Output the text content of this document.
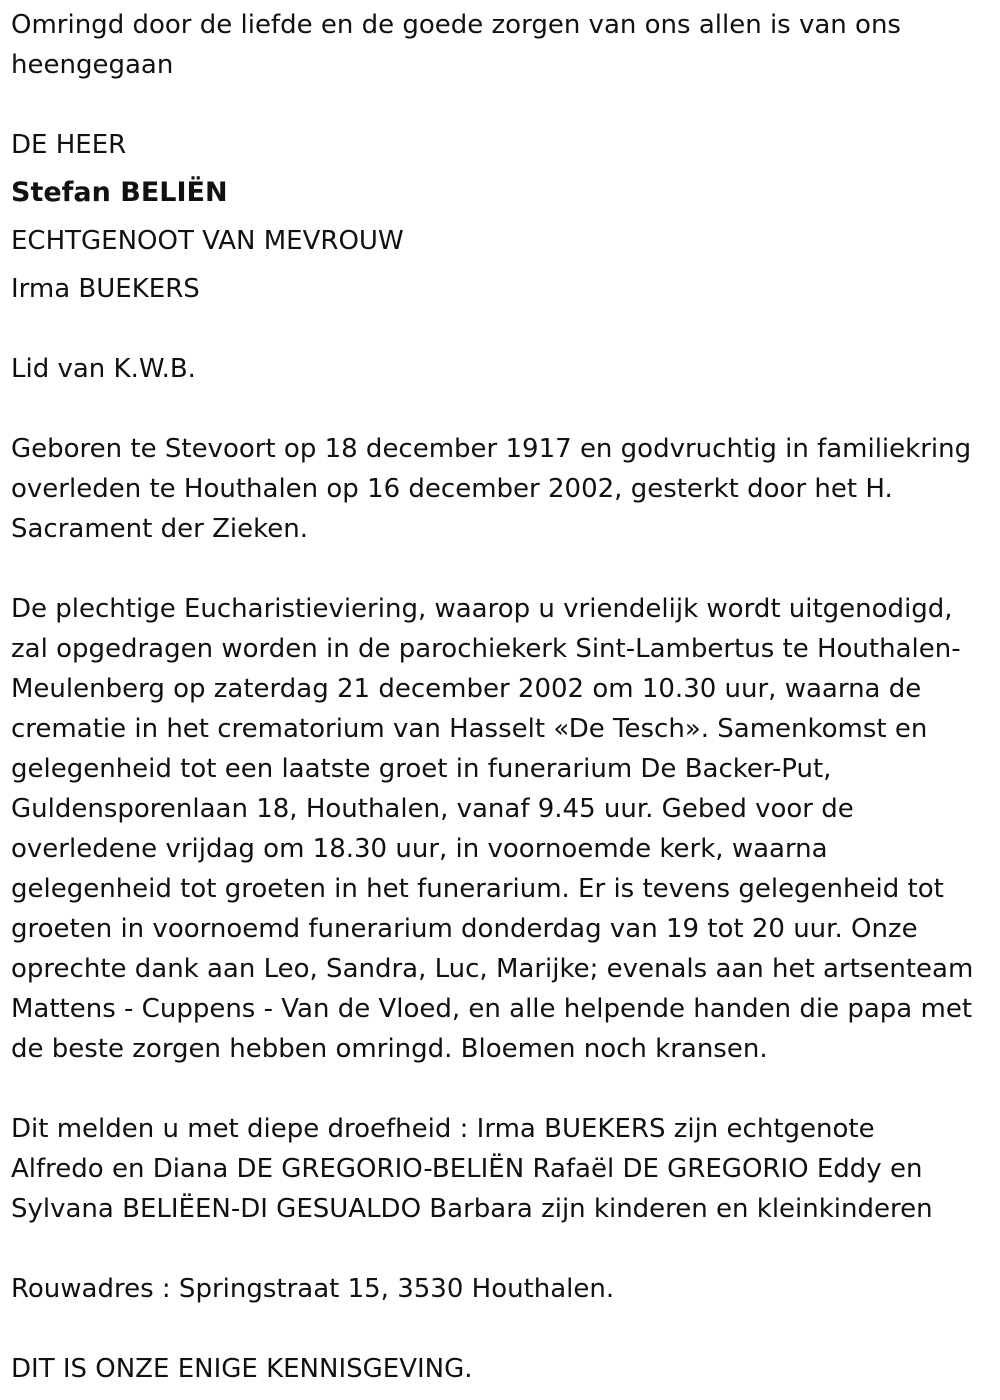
Omringd door de liefde en de goede zorgen van ons allen is van ons
heengegaan

DE HEER

Stefan BELIËN

ECHTGENOOT VAN MEVROUW

Irma BUEKERS

Lid van K.W.B.

Geboren te Stevoort op 18 december 1917 en godvruchtig in familiekring
overleden te Houthalen op 16 december 2002, gesterkt door het H.
Sacrament der Zieken.

De plechtige Eucharistieviering, waarop u vriendelijk wordt uitgenodigd,
zal opgedragen worden in de parochiekerk Sint-Lambertus te Houthalen-
Meulenberg op zaterdag 21 december 2002 om 10.30 uur, waarna de
crematie in het crematorium van Hasselt «De Tesch». Samenkomst en
gelegenheid tot een laatste groet in funerarium De Backer-Put,
Guldensporenlaan 18, Houthalen, vanaf 9.45 uur. Gebed voor de
overledene vrijdag om 18.30 uur, in voornoemde kerk, waarna
gelegenheid tot groeten in het funerarium. Er is tevens gelegenheid tot
groeten in voornoemd funerarium donderdag van 19 tot 20 uur. Onze
oprechte dank aan Leo, Sandra, Luc, Marijke; evenals aan het artsenteam
Mattens - Cuppens - Van de Vloed, en alle helpende handen die papa met
de beste zorgen hebben omringd. Bloemen noch kransen.

Dit melden u met diepe droefheid : Irma BUEKERS zijn echtgenote
Alfredo en Diana DE GREGORIO-BELIËN Rafaël DE GREGORIO Eddy en
Sylvana BELIËEN-DI GESUALDO Barbara zijn kinderen en kleinkinderen

Rouwadres : Springstraat 15, 3530 Houthalen.

DIT IS ONZE ENIGE KENNISGEVING.
